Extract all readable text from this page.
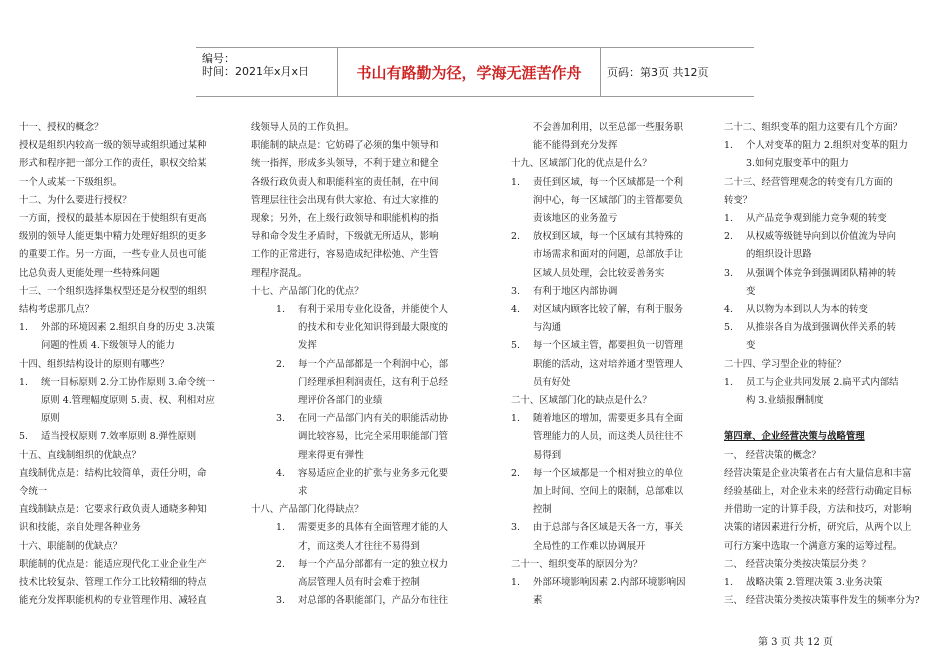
编号：
时间：2021年x月x日	书山有路勤为径，学海无涯苦作舟	页码：第3页 共12页

十一、授权的概念？

授权是组织内较高一级的领导或组织通过某种

形式和程序把一部分工作的责任，职权交给某

一个人或某一下级组织。

十二、为什么要进行授权？

一方面，授权的最基本原因在于使组织有更高

级别的领导人能更集中精力处理好组织的更多

的重要工作。另一方面，一些专业人员也可能

比总负责人更能处理一些特殊问题

十三、一个组织选择集权型还是分权型的组织

结构考虑那几点？

1.	外部的环境因素 2.组织自身的历史 3.决策

问题的性质 4.下级领导人的能力

十四、组织结构设计的原则有哪些？

1.	统一目标原则 2.分工协作原则 3.命令统一

原则 4.管理幅度原则 5.责、权、利相对应

原则

5.	适当授权原则 7.效率原则 8.弹性原则

十五、直线制组织的优缺点？

直线制优点是：结构比较简单，责任分明，命

令统一

直线制缺点是：它要求行政负责人通晓多种知

识和技能，亲自处理各种业务

十六、职能制的优缺点？

职能制的优点是：能适应现代化工业企业生产

技术比较复杂、管理工作分工比较精细的特点

能充分发挥职能机构的专业管理作用、减轻直

线领导人员的工作负担。

职能制的缺点是：它妨碍了必须的集中领导和

统一指挥，形成多头领导，不利于建立和健全

各级行政负责人和职能科室的责任制，在中间

管理层往往会出现有供大家抢、有过大家推的

现象；另外，在上级行政领导和职能机构的指

导和命令发生矛盾时，下级就无所适从，影响

工作的正常进行，容易造成纪律松弛、产生管

理程序混乱。

十七、产品部门化的优点？

1.	有利于采用专业化设备，并能使个人

的技术和专业化知识得到最大限度的

发挥

2.	每一个产品部都是一个利润中心，部

门经理承担利润责任，这有利于总经

理评价各部门的业绩

3.	在同一产品部门内有关的职能活动协

调比较容易，比完全采用职能部门管

理来得更有弹性

4.	容易适应企业的扩张与业务多元化要

求

十八、产品部门化得缺点？

1.	需要更多的具体有全面管理才能的人

才，而这类人才往往不易得到

2.	每一个产品分部都有一定的独立权力

高层管理人员有时会难于控制

3.	对总部的各职能部门，产品分布往往

不会善加利用，以至总部一些服务职

能不能得到充分发挥

十九、区域部门化的优点是什么？

1.	责任到区域，每一个区域都是一个利

润中心，每一区域部门的主管都要负

责该地区的业务盈亏

2.	放权到区域，每一个区域有其特殊的

市场需求和面对的问题，总部放手让

区域人员处理，会比较妥善务实

3.	有利于地区内部协调

4.	对区域内顾客比较了解，有利于服务

与沟通

5.	每一个区域主管，都要担负一切管理

职能的活动，这对培养通才型管理人

员有好处

二十、区域部门化的缺点是什么？

1.	随着地区的增加，需要更多具有全面

管理能力的人员，而这类人员往往不

易得到

2.	每一个区域都是一个相对独立的单位

加上时间、空间上的限制，总部难以

控制

3.	由于总部与各区域是天各一方，事关

全局性的工作难以协调展开

二十一、组织变革的原因分为？

1.	外部环境影响因素 2.内部环境影响因

素

二十二、组织变革的阻力这要有几个方面？

1.	个人对变革的阻力 2.组织对变革的阻力

3.如何克服变革中的阻力

二十三、经营管理观念的转变有几方面的

转变？

1.	从产品竞争观到能力竞争观的转变

2.	从权威等级链导向到以价值流为导向

的组织设计思路

3.	从强调个体竞争到强调团队精神的转

变

4.	从以物为本到以人为本的转变

5.	从推崇各自为战到强调伙伴关系的转

变

二十四、学习型企业的特征？

1.	员工与企业共同发展 2.扁平式内部结

构 3.业绩报酬制度

第四章、企业经营决策与战略管理

一、 经营决策的概念？

经营决策是企业决策者在占有大量信息和丰富

经验基础上，对企业未来的经营行动确定目标

并借助一定的计算手段，方法和技巧，对影响

决策的诸因素进行分析，研究后，从两个以上

可行方案中选取一个满意方案的运筹过程。

二、 经营决策分类按决策层分类 ？

1.	战略决策 2.管理决策 3.业务决策

三、 经营决策分类按决策事件发生的频率分为?

第 3 页 共 12 页
